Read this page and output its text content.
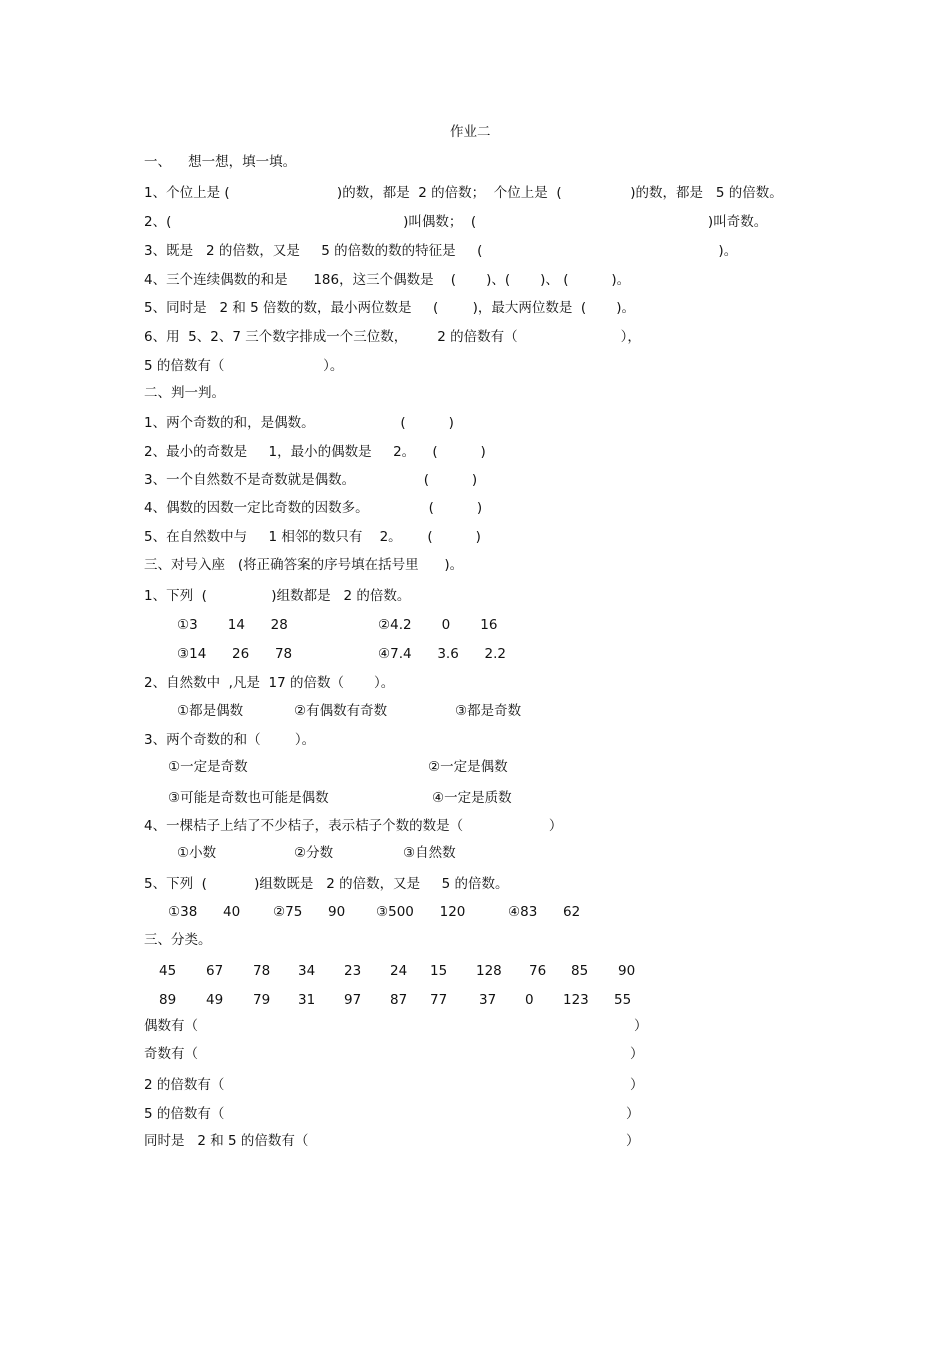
作业二
一、    想一想，填一填。
1、个位上是 (                         )的数，都是  2 的倍数；  个位上是  (                )的数，都是   5 的倍数。
2、(                                                      )叫偶数；  (                                                      )叫奇数。
3、既是   2 的倍数，又是     5 的倍数的数的特征是     (                                                       )。
4、三个连续偶数的和是      186，这三个偶数是    (       )、(       )、 (          )。
5、同时是   2 和 5 倍数的数，最小两位数是     (        )，最大两位数是  (       )。
6、用  5、2、7 三个数字排成一个三位数，       2 的倍数有（                        ），
5 的倍数有（                       ）。
二、判一判。
1、两个奇数的和，是偶数。                    (          )
2、最小的奇数是     1，最小的偶数是     2。    (          )
3、一个自然数不是奇数就是偶数。                (          )
4、偶数的因数一定比奇数的因数多。              (          )
5、在自然数中与     1 相邻的数只有    2。      (          )
三、对号入座   (将正确答案的序号填在括号里      )。
1、下列  (               )组数都是   2 的倍数。
①3       14      28	②4.2       0       16
③14      26      78	④7.4      3.6      2.2
2、自然数中  ,凡是  17 的倍数（       ）。
①都是偶数	②有偶数有奇数	③都是奇数
3、两个奇数的和（        ）。
①一定是奇数	②一定是偶数
③可能是奇数也可能是偶数	④一定是质数
4、一棵桔子上结了不少桔子，表示桔子个数的数是（                    ）
①小数	②分数	③自然数
5、下列  (           )组数既是   2 的倍数，又是     5 的倍数。
①38      40 ②75      90 ③500      120	④83      62
三、分类。
45 67 78 34 23 24 15 128 76 85 90
89 49 79 31 97 87 77 37 0 123 55
偶数有（	）
奇数有（	）
2 的倍数有（	）
5 的倍数有（	）
同时是   2 和 5 的倍数有（	）
